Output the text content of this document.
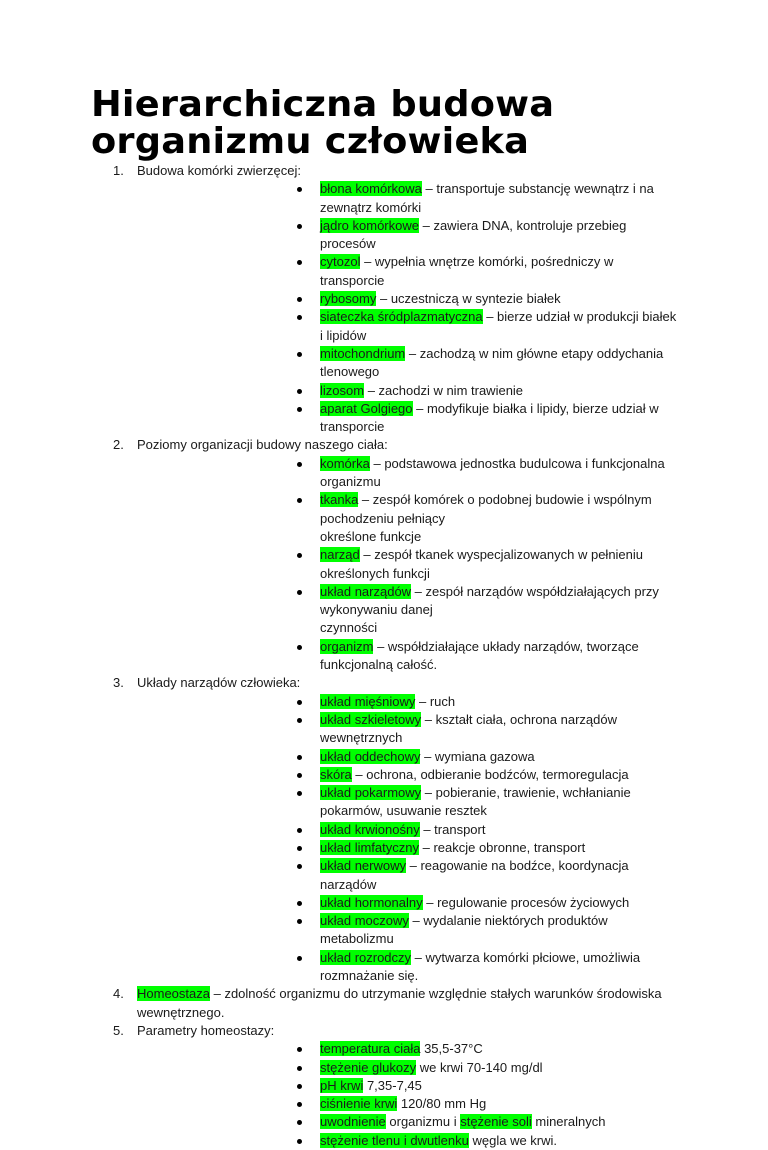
Hierarchiczna budowa
organizmu człowieka
1. Budowa komórki zwierzęcej:
błona komórkowa – transportuje substancję wewnątrz i na zewnątrz komórki
jądro komórkowe – zawiera DNA, kontroluje przebieg procesów
cytozol – wypełnia wnętrze komórki, pośredniczy w transporcie
rybosomy – uczestniczą w syntezie białek
siateczka śródplazmatyczna – bierze udział w produkcji białek i lipidów
mitochondrium – zachodzą w nim główne etapy oddychania tlenowego
lizosom – zachodzi w nim trawienie
aparat Golgiego – modyfikuje białka i lipidy, bierze udział w transporcie
2. Poziomy organizacji budowy naszego ciała:
komórka – podstawowa jednostka budulcowa i funkcjonalna organizmu
tkanka – zespół komórek o podobnej budowie i wspólnym pochodzeniu pełniący
określone funkcje
narząd – zespół tkanek wyspecjalizowanych w pełnieniu określonych funkcji
układ narządów – zespół narządów współdziałających przy wykonywaniu danej
czynności
organizm – współdziałające układy narządów, tworzące funkcjonalną całość.
3. Układy narządów człowieka:
układ mięśniowy – ruch
układ szkieletowy – kształt ciała, ochrona narządów wewnętrznych
układ oddechowy – wymiana gazowa
skóra – ochrona, odbieranie bodźców, termoregulacja
układ pokarmowy – pobieranie, trawienie, wchłanianie pokarmów, usuwanie resztek
układ krwionośny – transport
układ limfatyczny – reakcje obronne, transport
układ nerwowy – reagowanie na bodźce, koordynacja narządów
układ hormonalny – regulowanie procesów życiowych
układ moczowy – wydalanie niektórych produktów metabolizmu
układ rozrodczy – wytwarza komórki płciowe, umożliwia rozmnażanie się.
4. Homeostaza – zdolność organizmu do utrzymanie względnie stałych warunków środowiska
wewnętrznego.
5. Parametry homeostazy:
temperatura ciała 35,5-37°C
stężenie glukozy we krwi 70-140 mg/dl
pH krwi 7,35-7,45
ciśnienie krwi 120/80 mm Hg
uwodnienie organizmu i stężenie soli mineralnych
stężenie tlenu i dwutlenku węgla we krwi.
